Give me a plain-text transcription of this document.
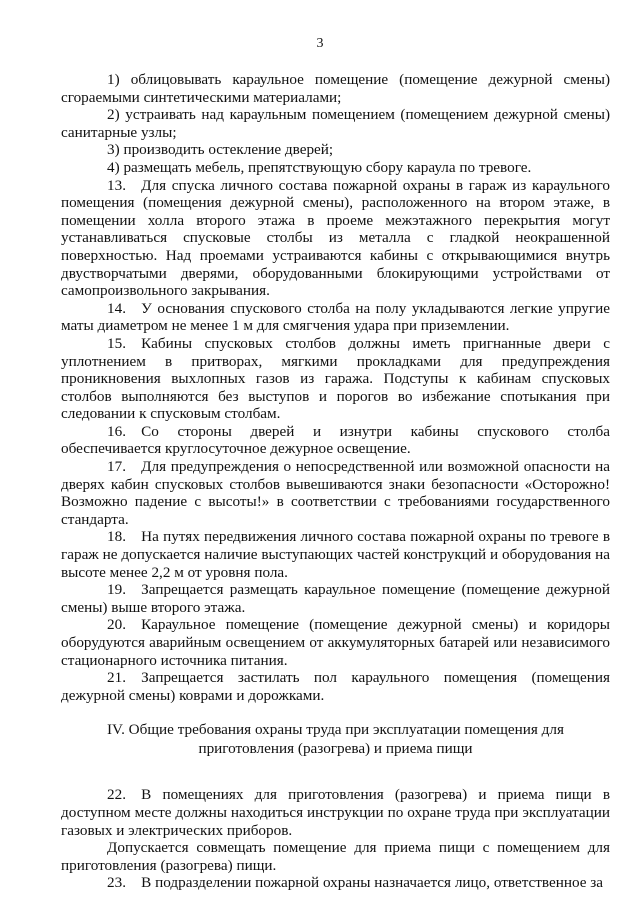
3

1) облицовывать караульное помещение (помещение дежурной смены) сгораемыми синтетическими материалами;

2) устраивать над караульным помещением (помещением дежурной смены) санитарные узлы;

3) производить остекление дверей;

4) размещать мебель, препятствующую сбору караула по тревоге.

13. Для спуска личного состава пожарной охраны в гараж из караульного помещения (помещения дежурной смены), расположенного на втором этаже, в помещении холла второго этажа в проеме межэтажного перекрытия могут устанавливаться спусковые столбы из металла с гладкой неокрашенной поверхностью. Над проемами устраиваются кабины с открывающимися внутрь двустворчатыми дверями, оборудованными блокирующими устройствами от самопроизвольного закрывания.

14. У основания спускового столба на полу укладываются легкие упругие маты диаметром не менее 1 м для смягчения удара при приземлении.

15. Кабины спусковых столбов должны иметь пригнанные двери с уплотнением в притворах, мягкими прокладками для предупреждения проникновения выхлопных газов из гаража. Подступы к кабинам спусковых столбов выполняются без выступов и порогов во избежание спотыкания при следовании к спусковым столбам.

16. Со стороны дверей и изнутри кабины спускового столба обеспечивается круглосуточное дежурное освещение.

17. Для предупреждения о непосредственной или возможной опасности на дверях кабин спусковых столбов вывешиваются знаки безопасности «Осторожно! Возможно падение с высоты!» в соответствии с требованиями государственного стандарта.

18. На путях передвижения личного состава пожарной охраны по тревоге в гараж не допускается наличие выступающих частей конструкций и оборудования на высоте менее 2,2 м от уровня пола.

19. Запрещается размещать караульное помещение (помещение дежурной смены) выше второго этажа.

20. Караульное помещение (помещение дежурной смены) и коридоры оборудуются аварийным освещением от аккумуляторных батарей или независимого стационарного источника питания.

21. Запрещается застилать пол караульного помещения (помещения дежурной смены) коврами и дорожками.

IV. Общие требования охраны труда при эксплуатации помещения для
приготовления (разогрева) и приема пищи

22. В помещениях для приготовления (разогрева) и приема пищи в доступном месте должны находиться инструкции по охране труда при эксплуатации газовых и электрических приборов.

Допускается совмещать помещение для приема пищи с помещением для приготовления (разогрева) пищи.

23. В подразделении пожарной охраны назначается лицо, ответственное за
